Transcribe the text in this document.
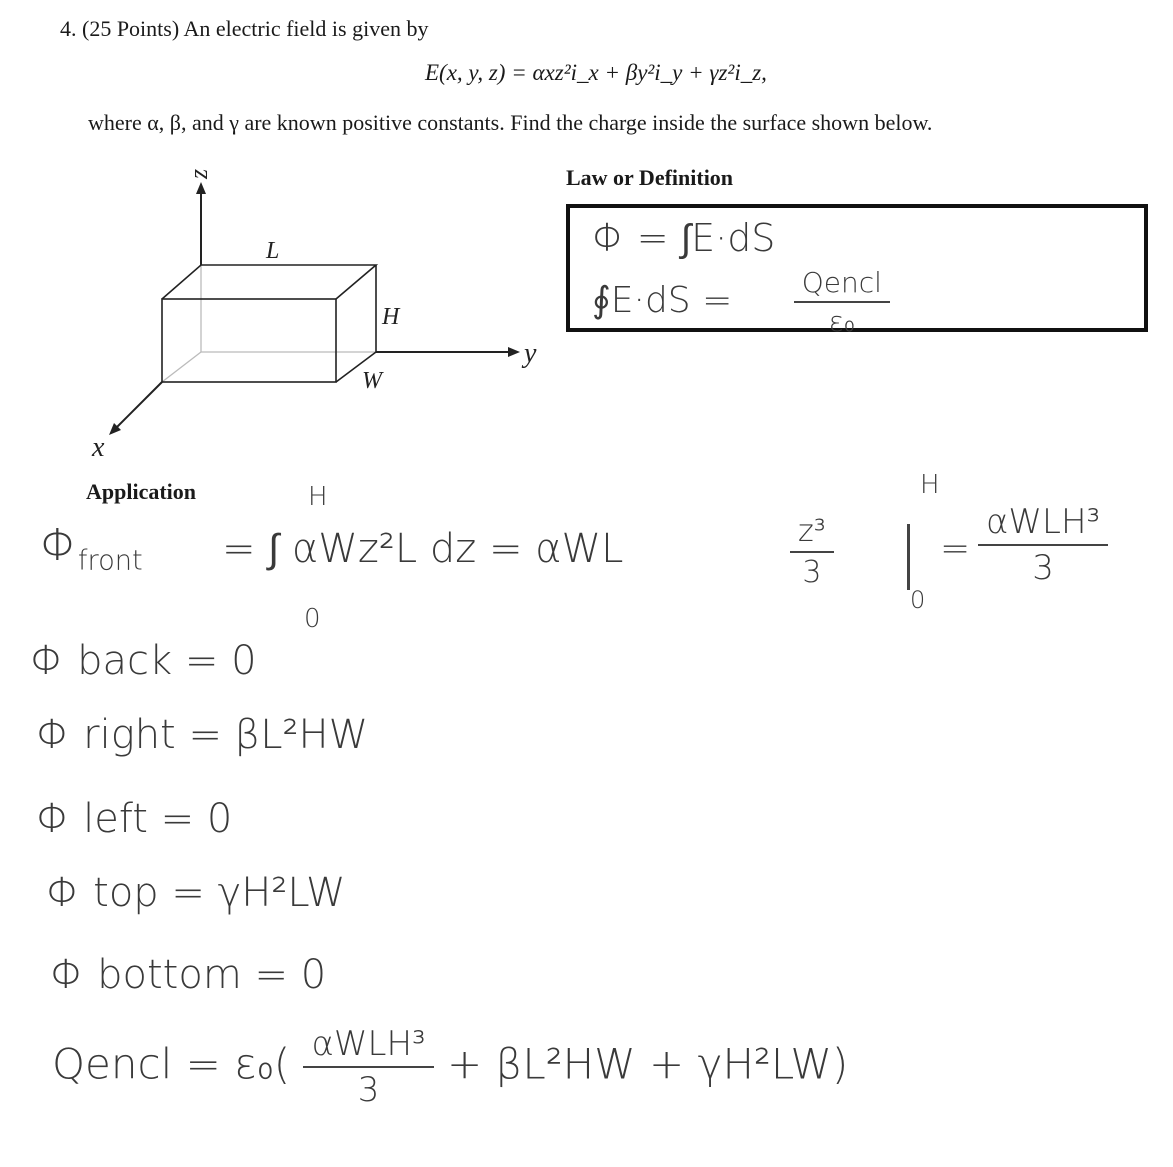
4. (25 Points) An electric field is given by
E(x, y, z) = αxz²i_x + βy²i_y + γz²i_z,
where α, β, and γ are known positive constants. Find the charge inside the surface shown below.
z
y
x
L
H
W
Law or Definition
Φ = ∫E·dS
∮E·dS = $\frac{\text{Qencl}}{\text{ε₀}}$
Application
$\Phi_{front}$
H
0
= ∫ αWz²L dz = αWL	$\frac{\text{z³}}{3}$
H
0
=
αWLH³
3
Φ back = 0
Φ right = βL²HW
Φ left = 0
Φ top = γH²LW
Φ bottom = 0
Qencl = $\varepsilon_0( \frac{\text{αWLH³}}{3} + \beta L^2HW + \gamma H^2LW)$
